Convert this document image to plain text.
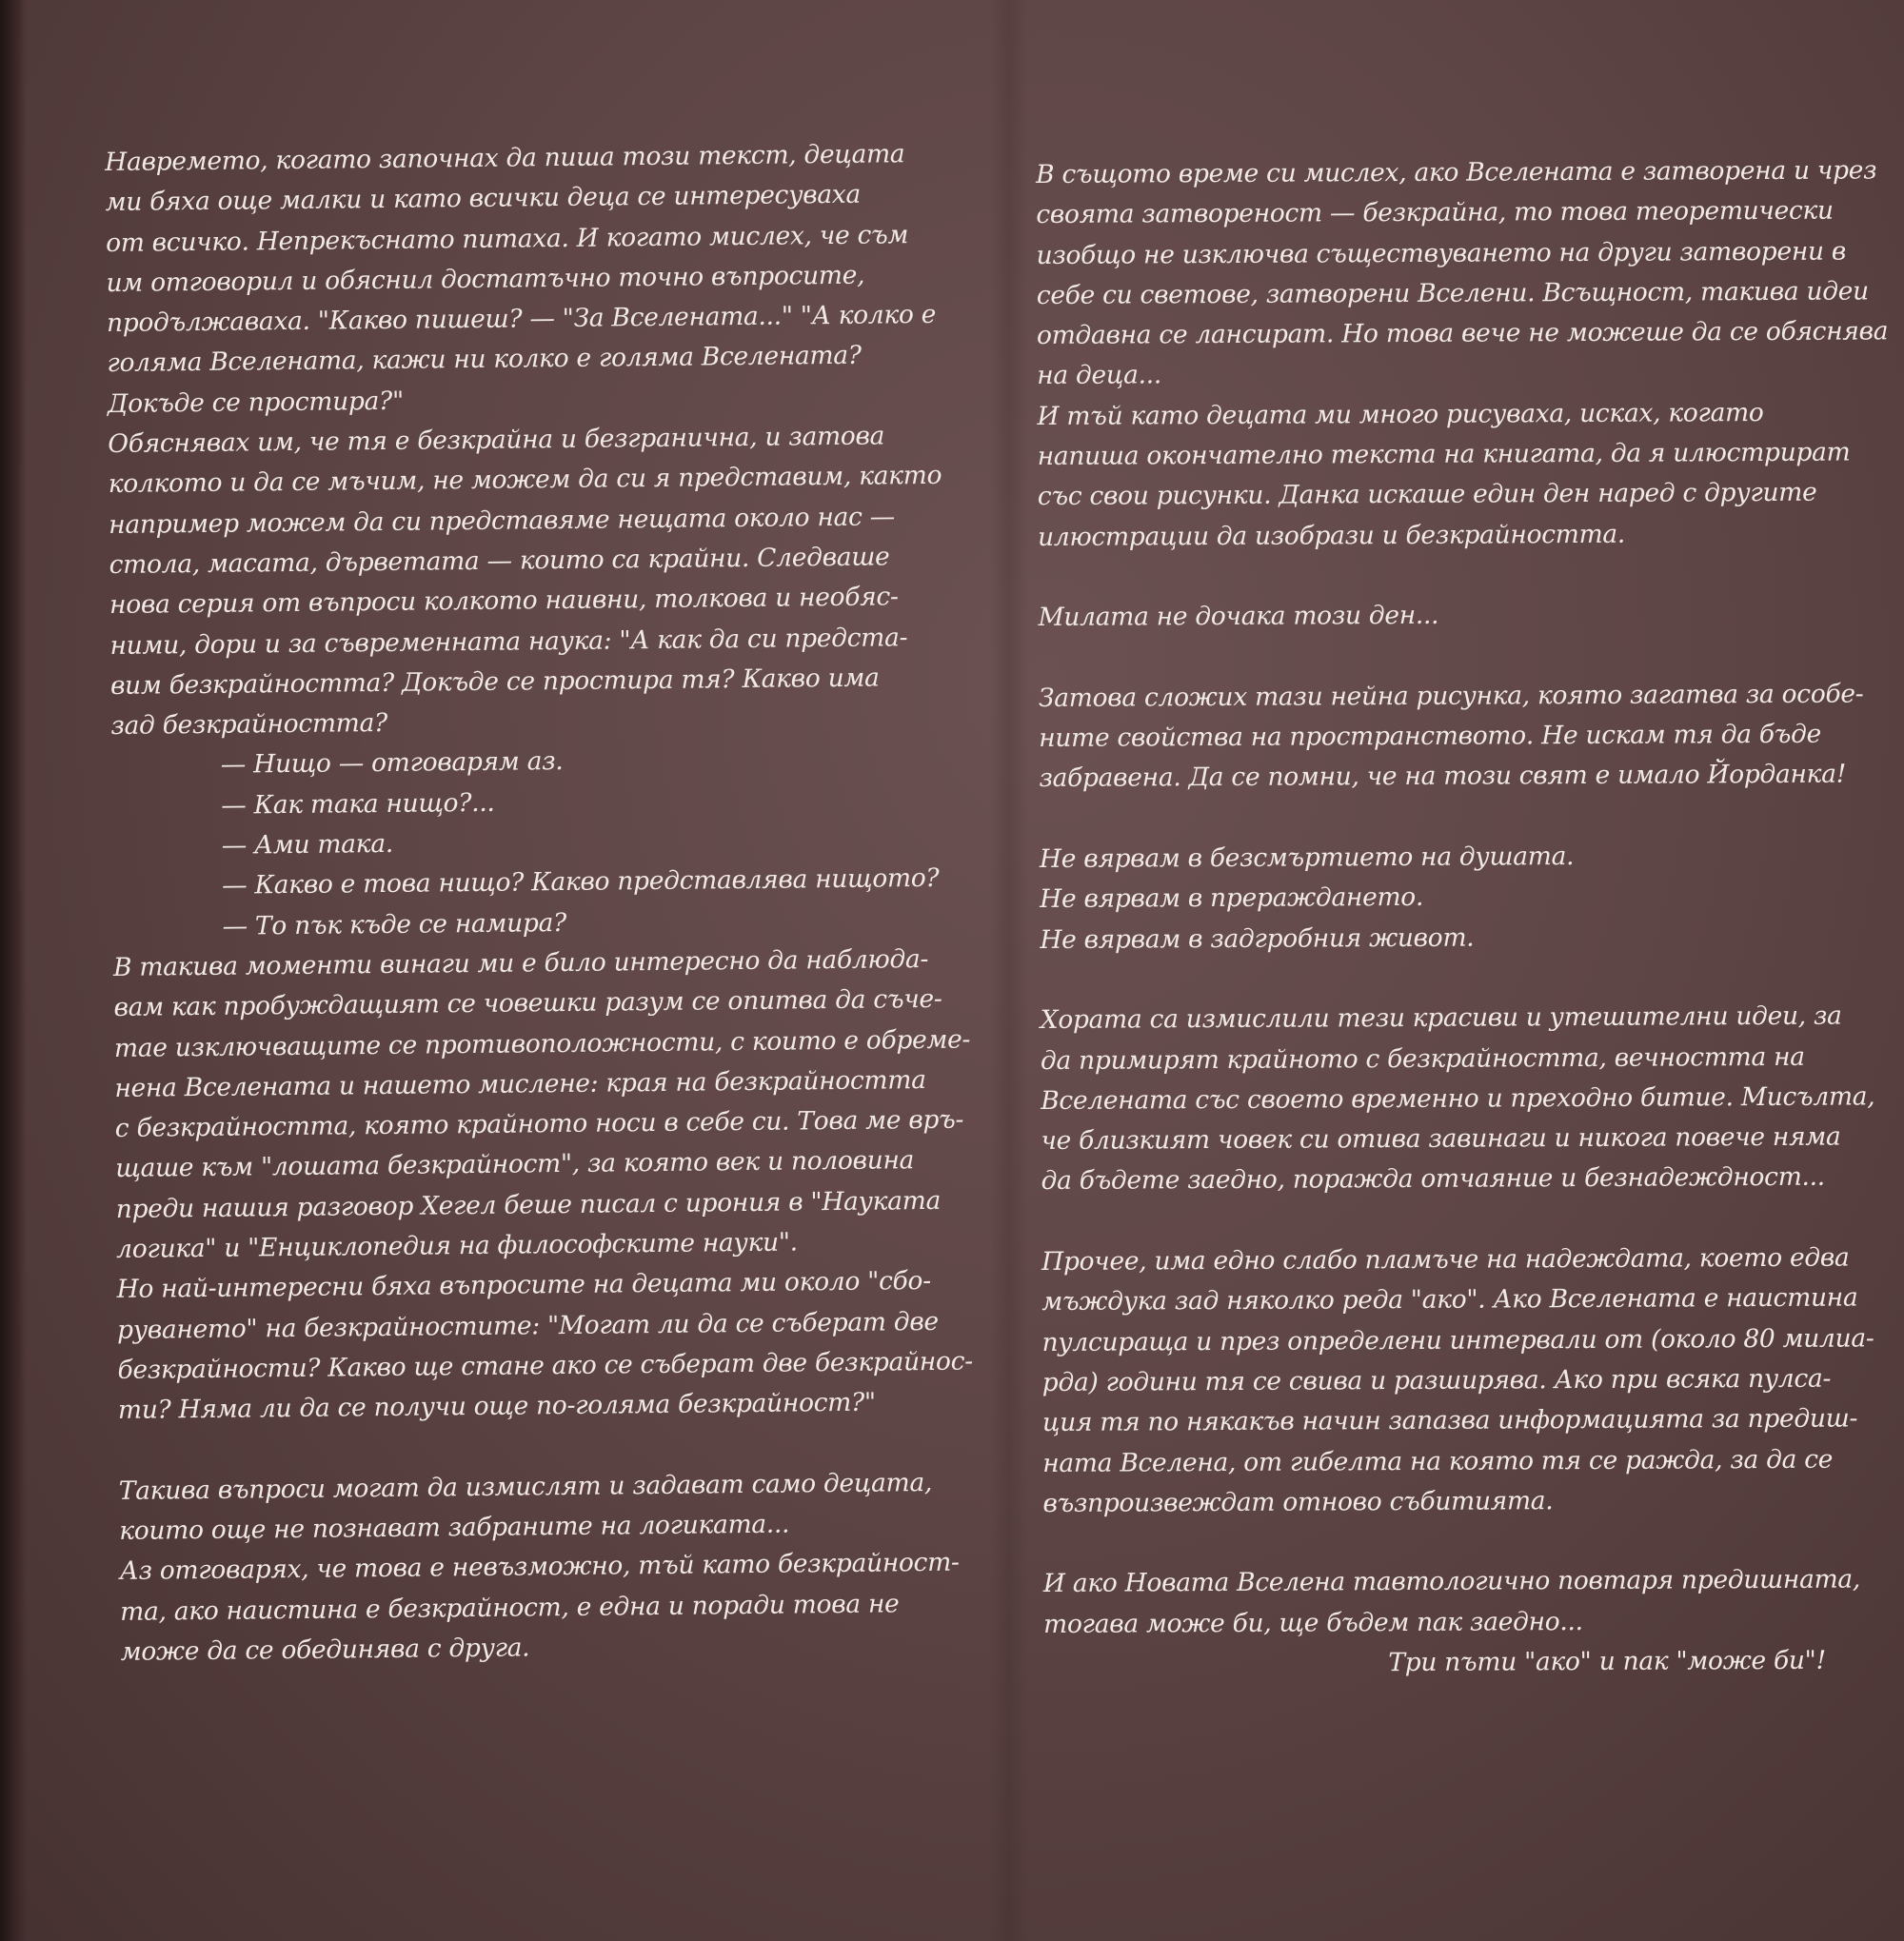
Навремето, когато започнах да пиша този текст, децата
ми бяха още малки и като всички деца се интересуваха
от всичко. Непрекъснато питаха. И когато мислех, че съм
им отговорил и обяснил достатъчно точно въпросите,
продължаваха. "Какво пишеш? — "За Вселената..." "А колко е
голяма Вселената, кажи ни колко е голяма Вселената?
Докъде се простира?"
Обяснявах им, че тя е безкрайна и безгранична, и затова
колкото и да се мъчим, не можем да си я представим, както
например можем да си представяме нещата около нас —
стола, масата, дърветата — които са крайни. Следваше
нова серия от въпроси колкото наивни, толкова и необяс-
ними, дори и за съвременната наука: "А как да си предста-
вим безкрайността? Докъде се простира тя? Какво има
зад безкрайността?
— Нищо — отговарям аз.
— Как така нищо?...
— Ами така.
— Какво е това нищо? Какво представлява нищото?
— То пък къде се намира?
В такива моменти винаги ми е било интересно да наблюда-
вам как пробуждащият се човешки разум се опитва да съчe-
тае изключващите се противоположности, с които е обреме-
нена Вселената и нашето мислене: края на безкрайността
с безкрайността, която крайното носи в себе си. Това ме връ-
щаше към "лошата безкрайност", за която век и половина
преди нашия разговор Хегел беше писал с ирония в "Науката
логика" и "Енциклопедия на философските науки".
Но най-интересни бяха въпросите на децата ми около "сбо-
руването" на безкрайностите: "Могат ли да се съберат две
безкрайности? Какво ще стане ако се съберат две безкрайнос-
ти? Няма ли да се получи още по-голяма безкрайност?"
Такива въпроси могат да измислят и задават само децата,
които още не познават забраните на логиката...
Аз отговарях, че това е невъзможно, тъй като безкрайност-
та, ако наистина е безкрайност, е една и поради това не
може да се обединява с друга.
В същото време си мислех, ако Вселената е затворена и чрез
своята затвореност — безкрайна, то това теоретически
изобщо не изключва съществуването на други затворени в
себе си светове, затворени Вселени. Всъщност, такива идеи
отдавна се лансират. Но това вече не можеше да се обяснява
на деца...
И тъй като децата ми много рисуваха, исках, когато
напиша окончателно текста на книгата, да я илюстрират
със свои рисунки. Данка искаше един ден наред с другите
илюстрации да изобрази и безкрайността.
Милата не дочака този ден...
Затова сложих тази нейна рисунка, която загатва за особе-
ните свойства на пространството. Не искам тя да бъде
забравена. Да се помни, че на този свят е имало Йорданка!
Не вярвам в безсмъртието на душата.
Не вярвам в прераждането.
Не вярвам в задгробния живот.
Хората са измислили тези красиви и утешителни идеи, за
да примирят крайното с безкрайността, вечността на
Вселената със своето временно и преходно битие. Мисълта,
че близкият човек си отива завинаги и никога повече няма
да бъдете заедно, поражда отчаяние и безнадеждност...
Прочее, има едно слабо пламъче на надеждата, което едва
мъждука зад няколко реда "ако". Ако Вселената е наистина
пулсираща и през определени интервали от (около 80 милиа-
рда) години тя се свива и разширява. Ако при всяка пулса-
ция тя по някакъв начин запазва информацията за предиш-
ната Вселена, от гибелта на която тя се ражда, за да се
възпроизвеждат отново събитията.
И ако Новата Вселена тавтологично повтаря предишната,
тогава може би, ще бъдем пак заедно...
Три пъти "ако" и пак "може би"!
